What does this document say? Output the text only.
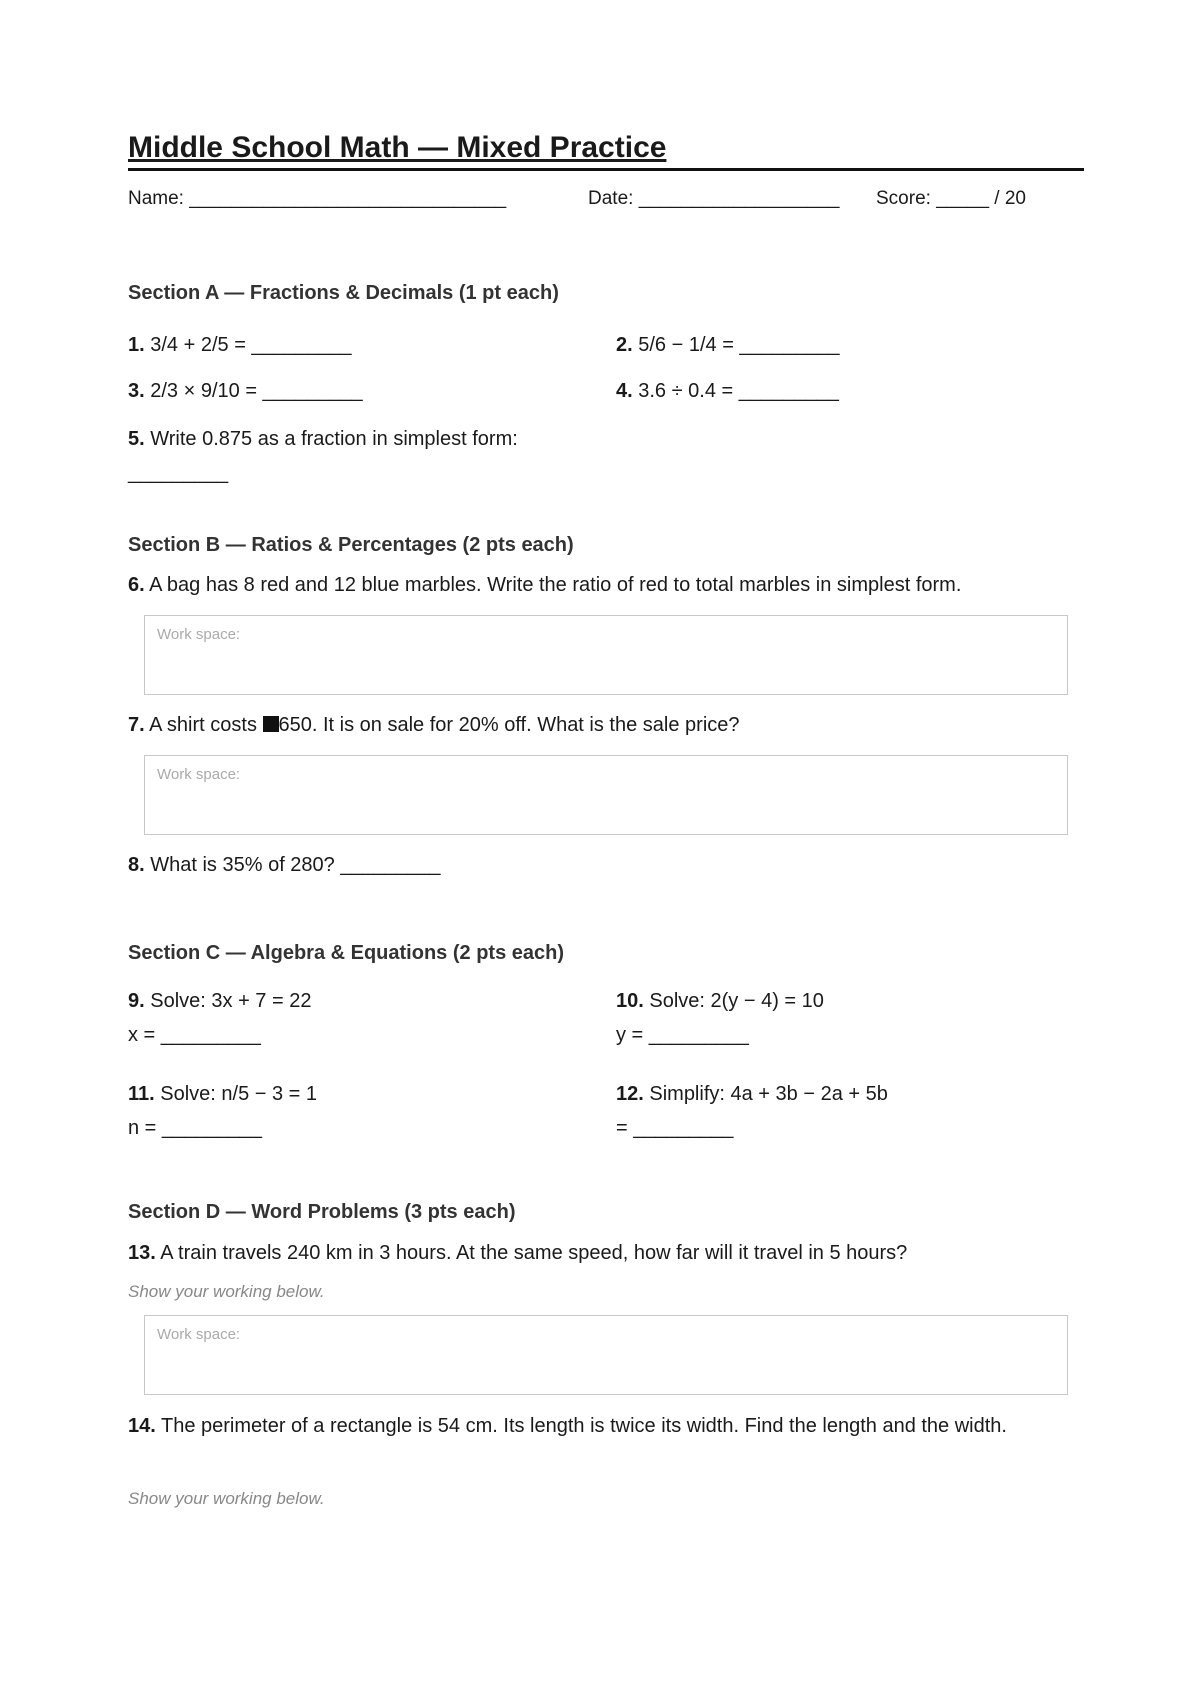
Middle School Math — Mixed Practice
Name: ______________________________	Date: ___________________ Score: _____ / 20
Section A — Fractions & Decimals (1 pt each)
1. 3/4 + 2/5 = _________	2. 5/6 − 1/4 = _________
3. 2/3 × 9/10 = _________	4. 3.6 ÷ 0.4 = _________
5. Write 0.875 as a fraction in simplest form:
_________
Section B — Ratios & Percentages (2 pts each)
6. A bag has 8 red and 12 blue marbles. Write the ratio of red to total marbles in simplest form.
Work space:
7. A shirt costs 650. It is on sale for 20% off. What is the sale price?
Work space:
8. What is 35% of 280? _________
Section C — Algebra & Equations (2 pts each)
9. Solve: 3x + 7 = 22
x = _________
10. Solve: 2(y − 4) = 10
y = _________
11. Solve: n/5 − 3 = 1
n = _________
12. Simplify: 4a + 3b − 2a + 5b
= _________
Section D — Word Problems (3 pts each)
13. A train travels 240 km in 3 hours. At the same speed, how far will it travel in 5 hours?
Show your working below.
Work space:
14. The perimeter of a rectangle is 54 cm. Its length is twice its width. Find the length and the width.
Show your working below.
